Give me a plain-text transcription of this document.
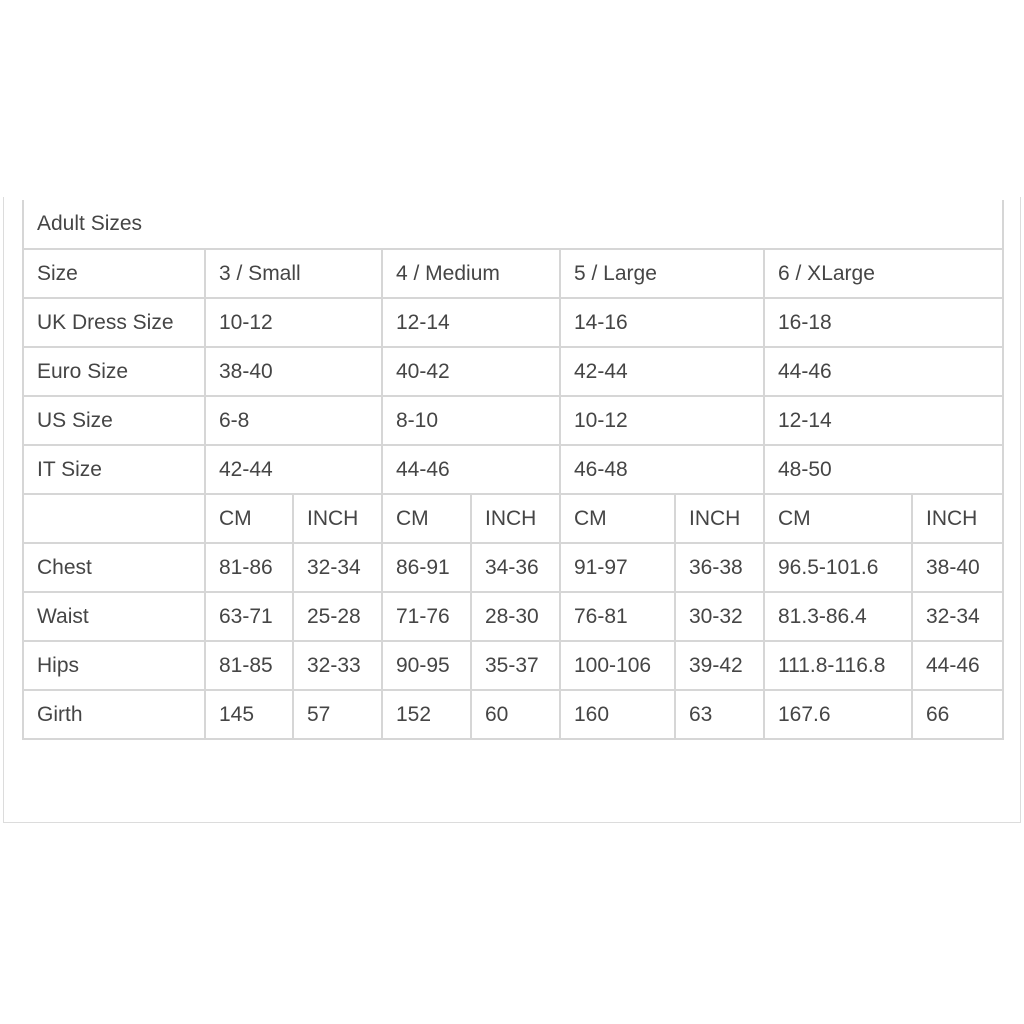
Adult Sizes								
Size	3 / Small		4 / Medium		5 / Large		6 / XLarge	
UK Dress Size	10-12		12-14		14-16		16-18	
Euro Size	38-40		40-42		42-44		44-46	
US Size	6-8		8-10		10-12		12-14	
IT Size	42-44		44-46		46-48		48-50	
	CM	INCH	CM	INCH	CM	INCH	CM	INCH
Chest	81-86	32-34	86-91	34-36	91-97	36-38	96.5-101.6	38-40
Waist	63-71	25-28	71-76	28-30	76-81	30-32	81.3-86.4	32-34
Hips	81-85	32-33	90-95	35-37	100-106	39-42	111.8-116.8	44-46
Girth	145	57	152	60	160	63	167.6	66
